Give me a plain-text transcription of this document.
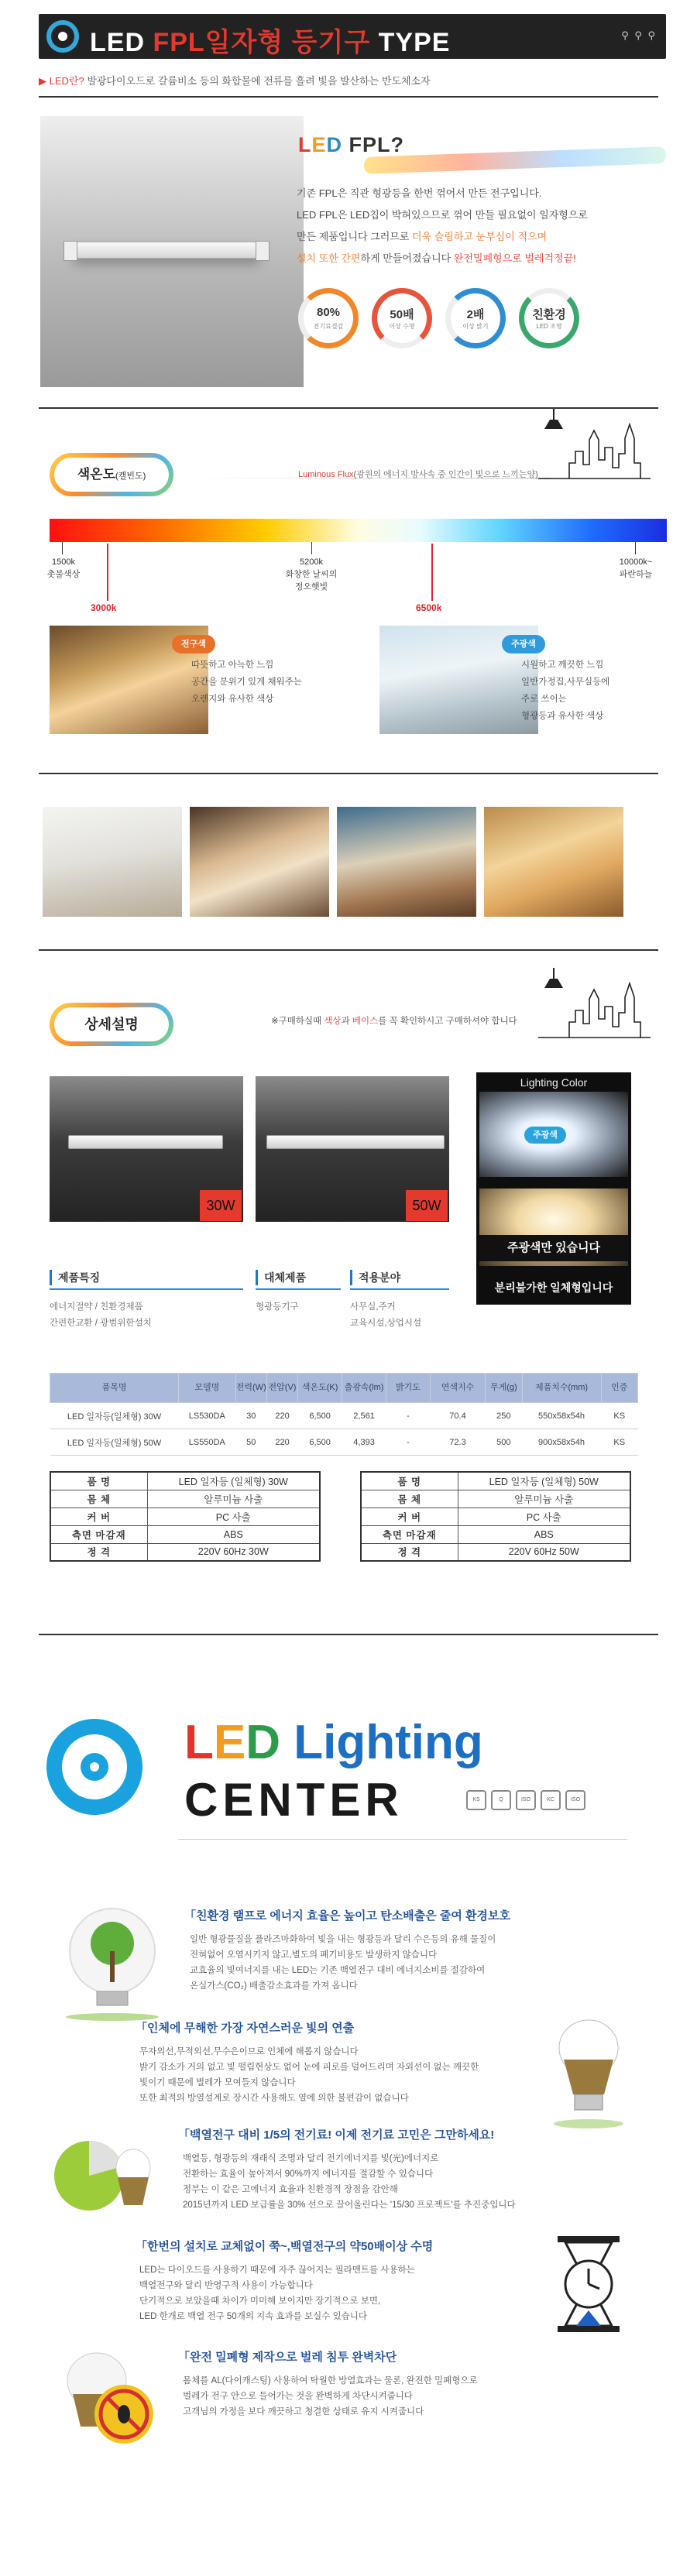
LED FPL일자형 등기구 TYPE	⚲ ⚲ ⚲
▶ LED란? 발광다이오드로 갈륨비소 등의 화합물에 전류를 흘려 빛을 발산하는 반도체소자
LED FPL?

기존 FPL은 직관 형광등을 한번 꺾어서 만든 전구입니다.

LED FPL은 LED칩이 박혀있으므로 꺾어 만들 필요없이 일자형으로

만든 제품입니다 그러므로 더욱 슬림하고 눈부심이 적으며

설치 또한 간편하게 만들어졌습니다 완전밀폐형으로 벌레걱정끝!

80%
전기료절감
50배
이상 수명
2배
이상 밝기
친환경
LED 조명
색온도(캘빈도)	Luminous Flux(광원의 에너지 방사속 중 인간이 빛으로 느끼는양)
1500k
촛불색상
5200k
화창한 날씨의
정오햇빛
10000k~
파란하늘
3000k	6500k
전구색
따뜻하고 아늑한 느낌
공간을 분위기 있게 채워주는
오렌지와 유사한 색상
주광색
시원하고 깨끗한 느낌
일반가정집,사무실등에
주로 쓰이는
형광등과 유사한 색상
상세설명	※구매하실때 색상과 베이스를 꼭 확인하시고 구매하셔야 합니다
30W	50W
Lighting Color
주광색
주광색만 있습니다
분리불가한 일체형입니다
제품특징
에너지절약 / 친환경제품
간편한교환 / 광범위한설치
대체제품
형광등기구
적용분야
사무실,주거
교육시설,상업시설
품목명	모델명	전력(W)	전압(V)	색온도(K)	출광속(lm)	밝기도	연색지수	무게(g)	제품치수(mm)	인증
LED 일자등(일체형) 30W	LS530DA	30	220	6,500	2,561	-	70.4	250	550x58x54h	KS
LED 일자등(일체형) 50W	LS550DA	50	220	6,500	4,393	-	72.3	500	900x58x54h	KS
품 명	LED 일자등 (일체형) 30W
몸 체	알루미늄 사출
커 버	PC 사출
측면 마감재	ABS
정 격	220V 60Hz 30W
품 명	LED 일자등 (일체형) 50W
몸 체	알루미늄 사출
커 버	PC 사출
측면 마감재	ABS
정 격	220V 60Hz 50W
LED Lighting
CENTER	KS	Q	ISO	KC	ISO
「 친환경 램프로 에너지 효율은 높이고 탄소배출은 줄여 환경보호
일반 형광물질을 플라즈마화하여 빛을 내는 형광등과 달리 수은등의 유해 물질이
전혀없어 오염시키지 않고,별도의 폐기비용도 발생하지 않습니다
교효율의 빛여너지를 내는 LED는 기존 백열전구 대비 에너지소비를 절감하여
온실가스(CO₂) 배출감소효과를 가져 옵니다
「 인체에 무해한 가장 자연스러운 빛의 연출
무자외선,무적외선,무수은이므로 인체에 해롭지 않습니다
밝기 감소가 거의 없고 빛 떨림현상도 없어 눈에 피로를 덜어드리며 자외선이 없는 깨끗한
빛이기 때문에 벌레가 모여들지 않습니다
또한 최적의 방열설계로 장시간 사용해도 열에 의한 불편감이 없습니다
「 백열전구 대비 1/5의 전기료! 이제 전기료 고민은 그만하세요!
백열등, 형광등의 재래식 조명과 달리 전기에너지를 빛(光)에너지로
전환하는 효율이 높아져서 90%까지 에너지를 절감할 수 있습니다
정부는 이 같은 고에너지 효율과 친환경적 장점을 감안해
2015년까지 LED 보급률을 30% 선으로 끌어올린다는 '15/30 프로젝트'를 추진중입니다
「 한번의 설치로 교체없이 쭉~,백열전구의 약50배이상 수명
LED는 다이오드를 사용하기 때문에 자주 끊어지는 필라멘트를 사용하는
백열전구와 달리 반영구적 사용이 가능합니다
단기적으로 보았을때 차이가 미미해 보이지만 장기적으로 보면,
LED 한개로 백열 전구 50개의 지속 효과를 보실수 있습니다
「 완전 밀폐형 제작으로 벌레 침투 완벽차단
몸체를 AL(다이캐스팅) 사용하여 탁월한 방열효과는 물론, 완전한 밀폐형으로
벌레가 전구 안으로 들어가는 것을 완벽하게 차단시켜줍니다
고객님의 가정을 보다 깨끗하고 청결한 상태로 유지 시켜줍니다
